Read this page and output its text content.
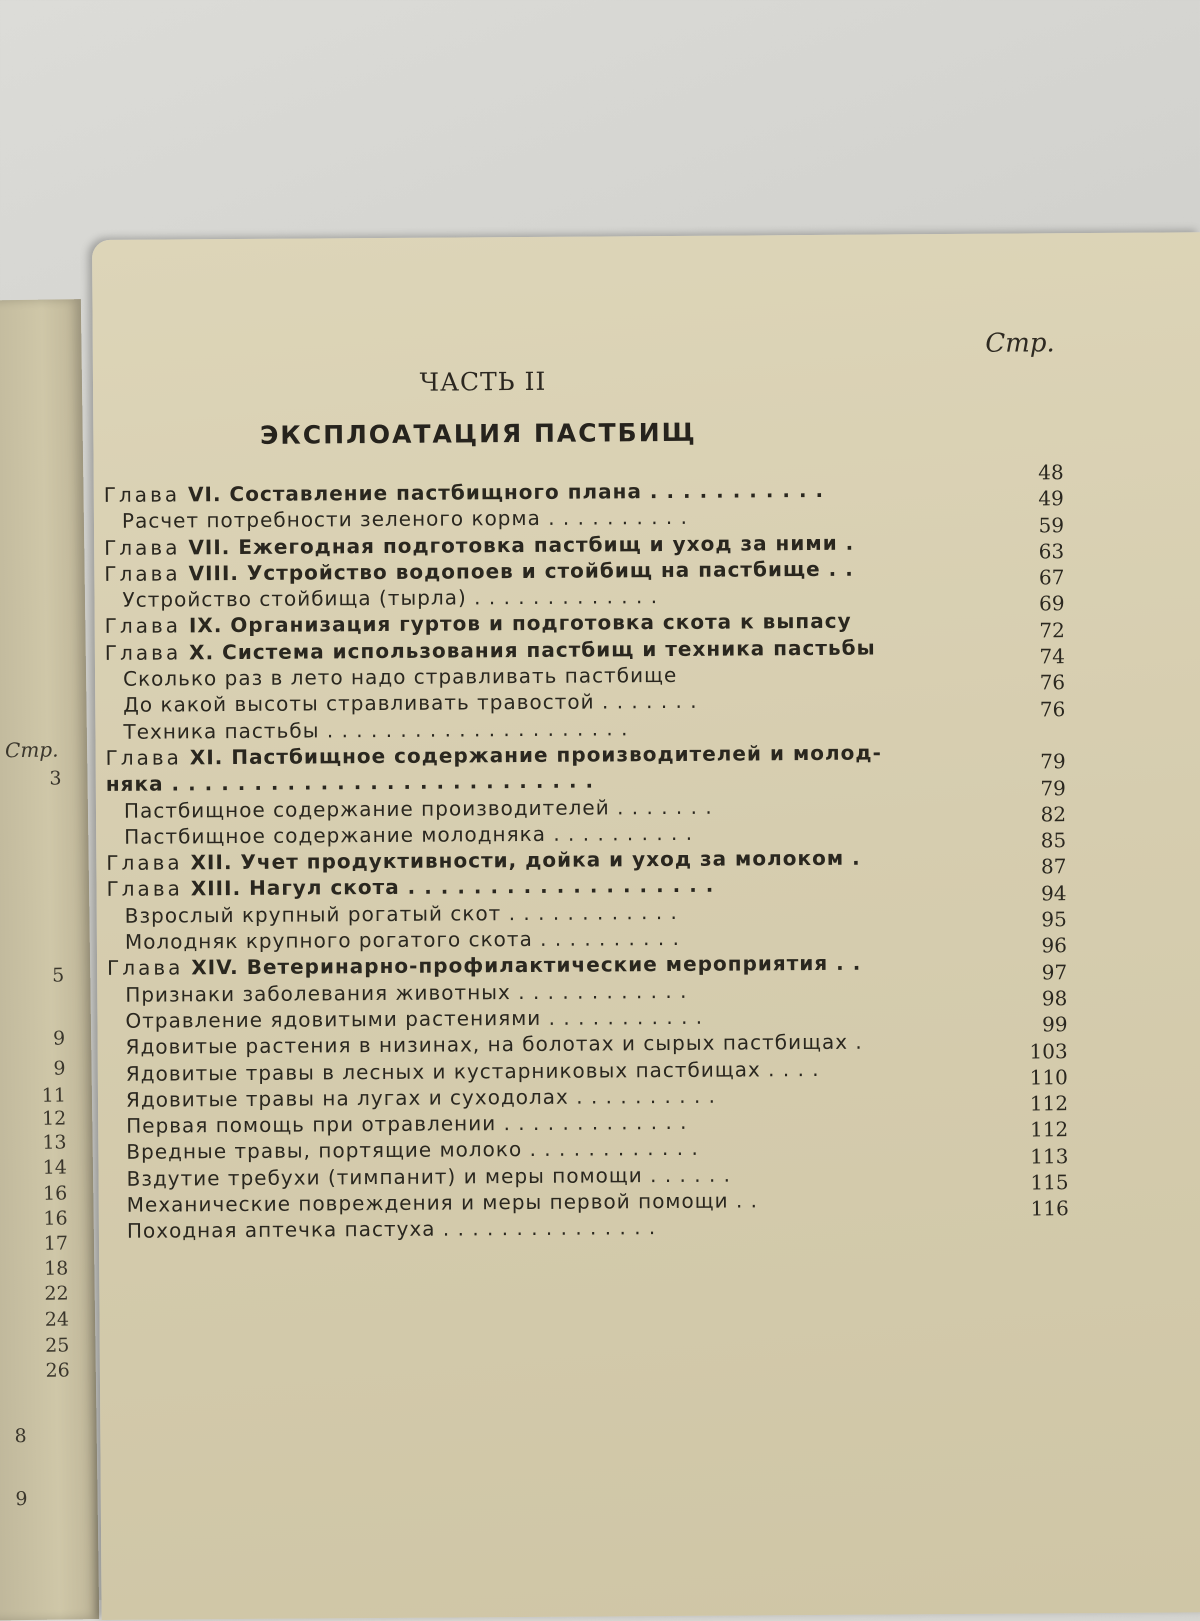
Стр.
3
5
9
9
11
12
13
14
16
16
17
18
22
24
25
26
8
9
Стр.
ЧАСТЬ II
ЭКСПЛОАТАЦИЯ ПАСТБИЩ
48
Глава VI. Составление пастбищного плана . . . . . . . . . . .	49
Расчет потребности зеленого корма . . . . . . . . . .	59
Глава VII. Ежегодная подготовка пастбищ и уход за ними .	63
Глава VIII. Устройство водопоев и стойбищ на пастбище . .	67
Устройство стойбища (тырла) . . . . . . . . . . . . .	69
Глава IX. Организация гуртов и подготовка скота к выпасу	72
Глава X. Система использования пастбищ и техника пастьбы	74
Сколько раз в лето надо стравливать пастбище	76
До какой высоты стравливать травостой . . . . . . .	76
Техника пастьбы . . . . . . . . . . . . . . . . . . . . .
Глава XI. Пастбищное содержание производителей и молод-	79
няка . . . . . . . . . . . . . . . . . . . . . . . . . .	79
Пастбищное содержание производителей . . . . . . .	82
Пастбищное содержание молодняка . . . . . . . . . .	85
Глава XII. Учет продуктивности, дойка и уход за молоком .	87
Глава XIII. Нагул скота . . . . . . . . . . . . . . . . . . .	94
Взрослый крупный рогатый скот . . . . . . . . . . . .	95
Молодняк крупного рогатого скота . . . . . . . . . .	96
Глава XIV. Ветеринарно-профилактические мероприятия . .	97
Признаки заболевания животных . . . . . . . . . . . .	98
Отравление ядовитыми растениями . . . . . . . . . . .	99
Ядовитые растения в низинах, на болотах и сырых пастбищах .	103
Ядовитые травы в лесных и кустарниковых пастбищах . . . .	110
Ядовитые травы на лугах и суходолах . . . . . . . . . .	112
Первая помощь при отравлении . . . . . . . . . . . . .	112
Вредные травы, портящие молоко . . . . . . . . . . . .	113
Вздутие требухи (тимпанит) и меры помощи . . . . . .	115
Механические повреждения и меры первой помощи . .	116
Походная аптечка пастуха . . . . . . . . . . . . . . .
